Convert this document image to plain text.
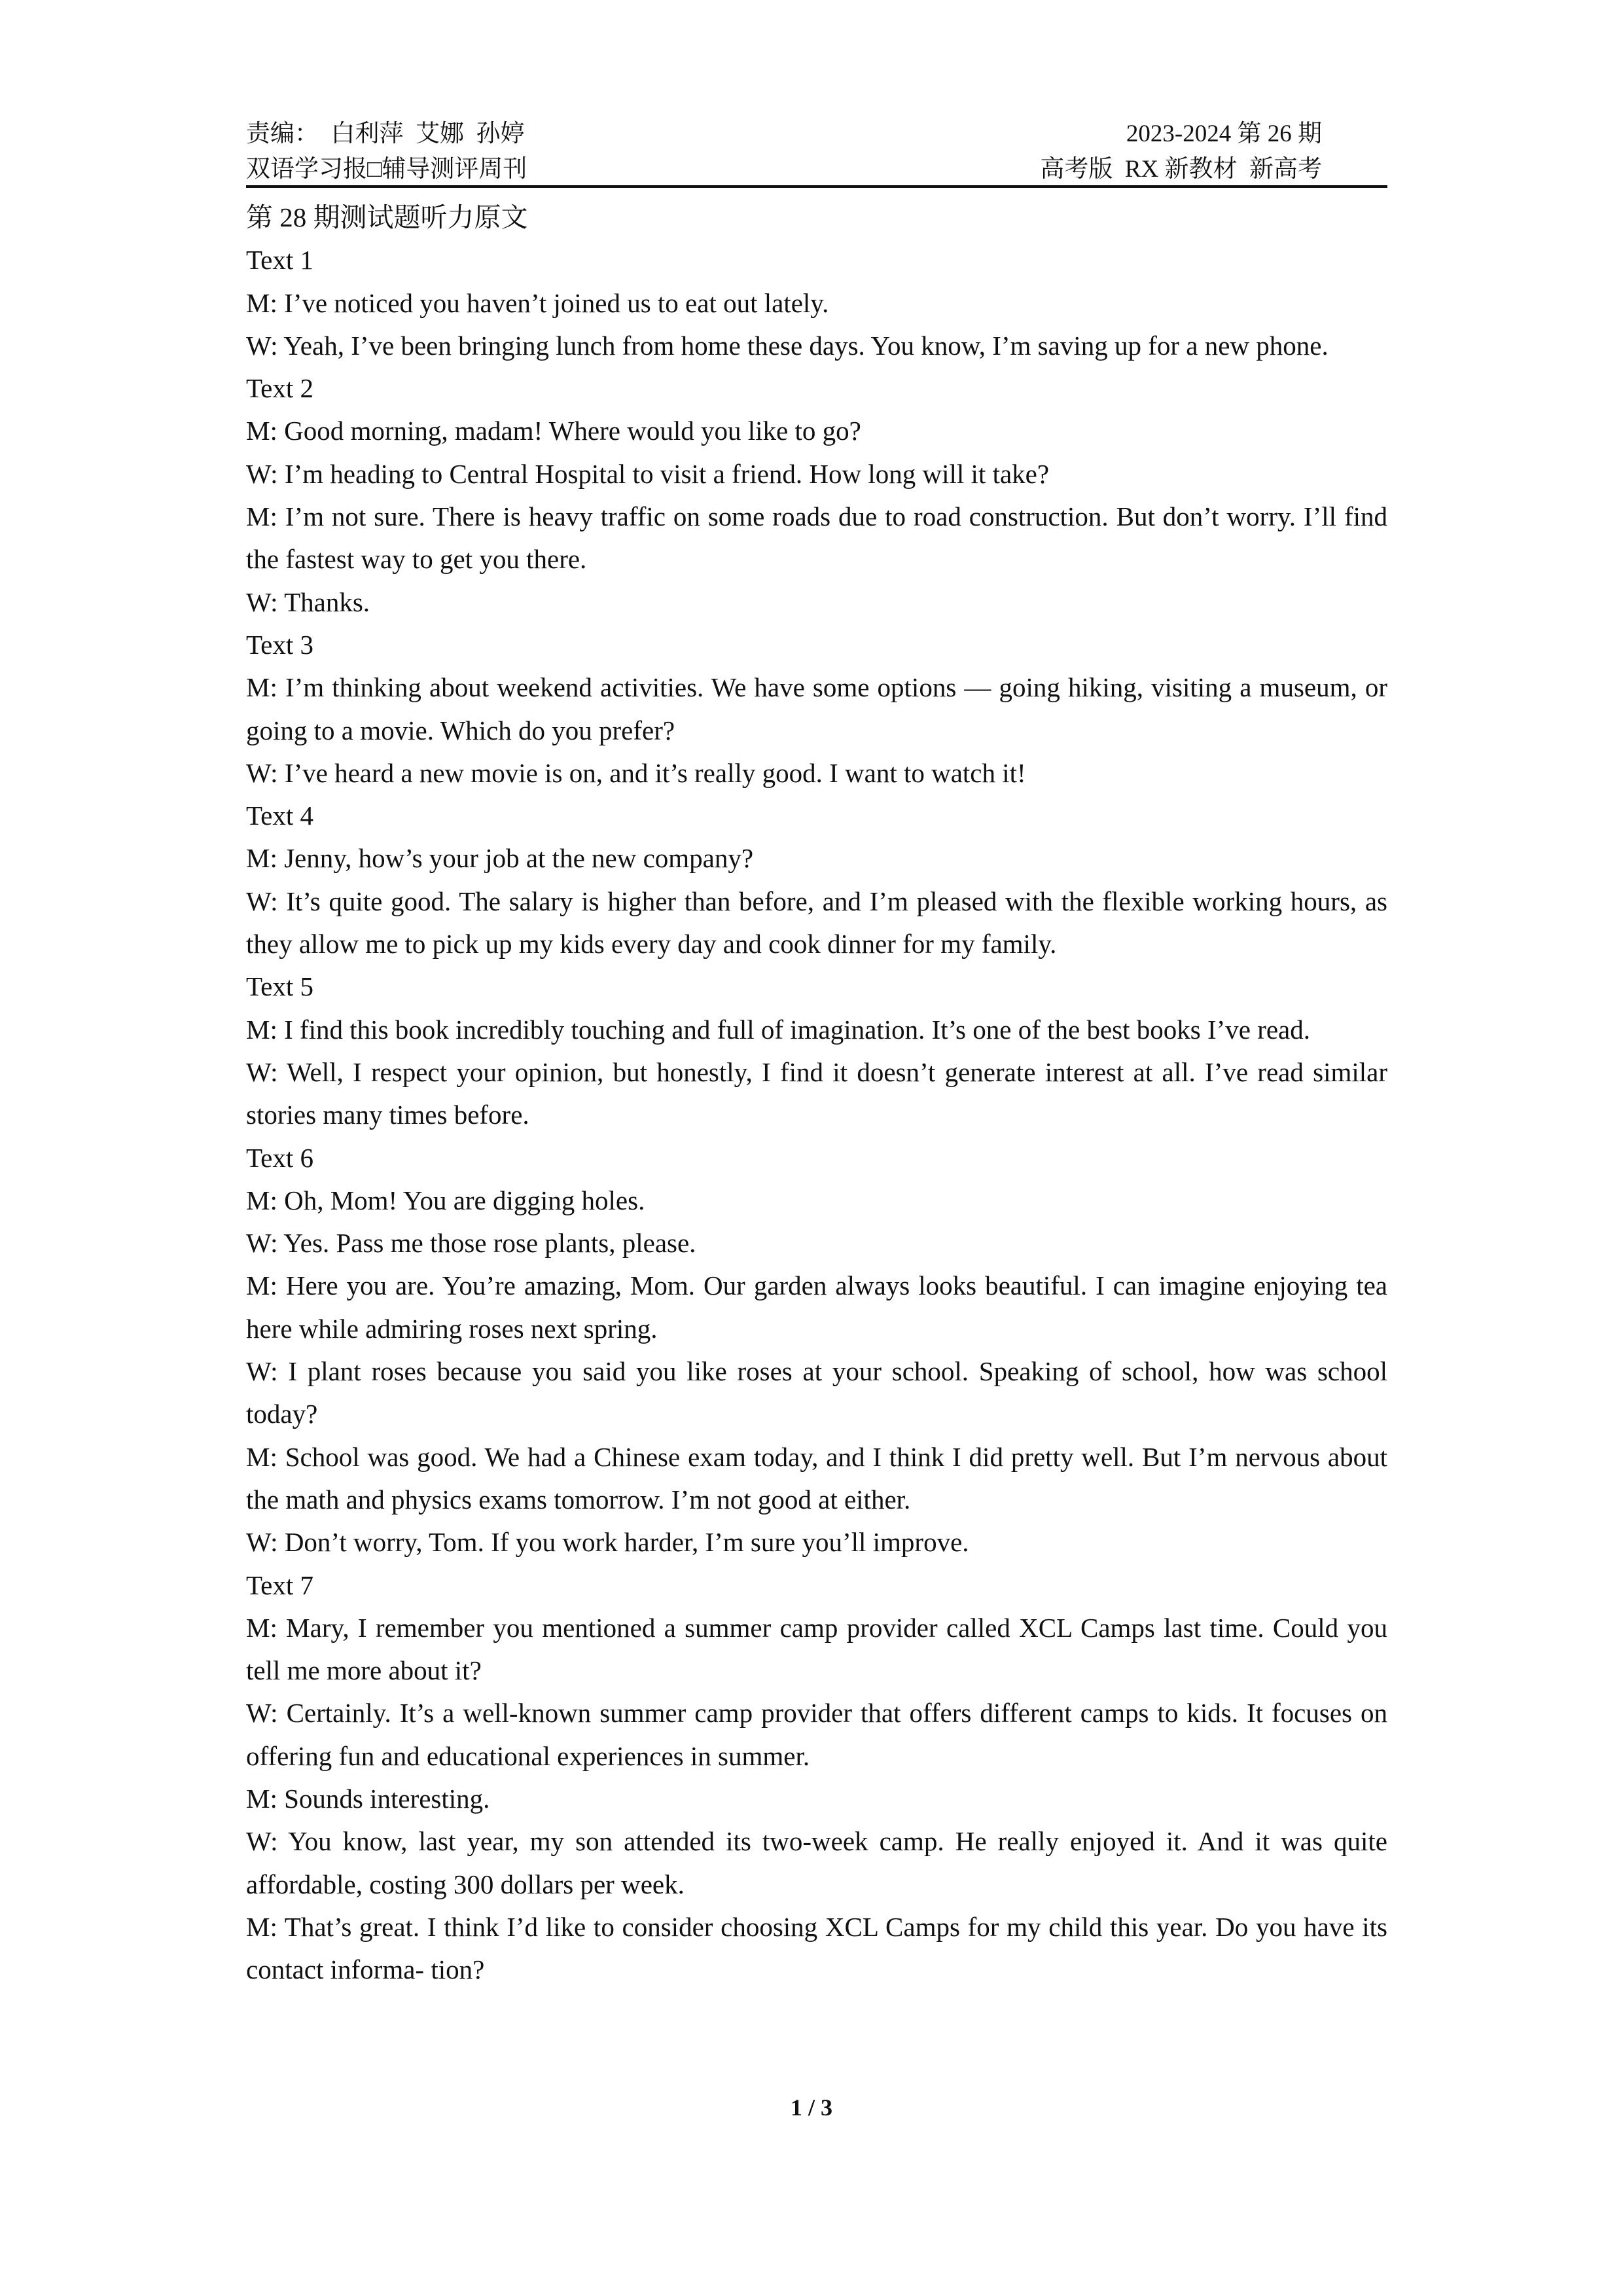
责编：  白利萍  艾娜  孙婷	2023-2024 第 26 期
双语学习报□辅导测评周刊	高考版  RX 新教材  新高考

第 28 期测试题听力原文

Text 1

M: I’ve noticed you haven’t joined us to eat out lately.

W: Yeah, I’ve been bringing lunch from home these days. You know, I’m saving up for a new phone.

Text 2

M: Good morning, madam! Where would you like to go?

W: I’m heading to Central Hospital to visit a friend. How long will it take?

M: I’m not sure. There is heavy traffic on some roads due to road construction. But don’t worry. I’ll find the fastest way to get you there.

W: Thanks.

Text 3

M: I’m thinking about weekend activities. We have some options — going hiking, visiting a museum, or going to a movie. Which do you prefer?

W: I’ve heard a new movie is on, and it’s really good. I want to watch it!

Text 4

M: Jenny, how’s your job at the new company?

W: It’s quite good. The salary is higher than before, and I’m pleased with the flexible working hours, as they allow me to pick up my kids every day and cook dinner for my family.

Text 5

M: I find this book incredibly touching and full of imagination. It’s one of the best books I’ve read.

W: Well, I respect your opinion, but honestly, I find it doesn’t generate interest at all. I’ve read similar stories many times before.

Text 6

M: Oh, Mom! You are digging holes.

W: Yes. Pass me those rose plants, please.

M: Here you are. You’re amazing, Mom. Our garden always looks beautiful. I can imagine enjoying tea here while admiring roses next spring.

W: I plant roses because you said you like roses at your school. Speaking of school, how was school today?

M: School was good. We had a Chinese exam today, and I think I did pretty well. But I’m nervous about the math and physics exams tomorrow. I’m not good at either.

W: Don’t worry, Tom. If you work harder, I’m sure you’ll improve.

Text 7

M: Mary, I remember you mentioned a summer camp provider called XCL Camps last time. Could you tell me more about it?

W: Certainly. It’s a well-known summer camp provider that offers different camps to kids. It focuses on offering fun and educational experiences in summer.

M: Sounds interesting.

W: You know, last year, my son attended its two-week camp. He really enjoyed it. And it was quite affordable, costing 300 dollars per week.

M: That’s great. I think I’d like to consider choosing XCL Camps for my child this year. Do you have its contact informa- tion?

1 / 3
